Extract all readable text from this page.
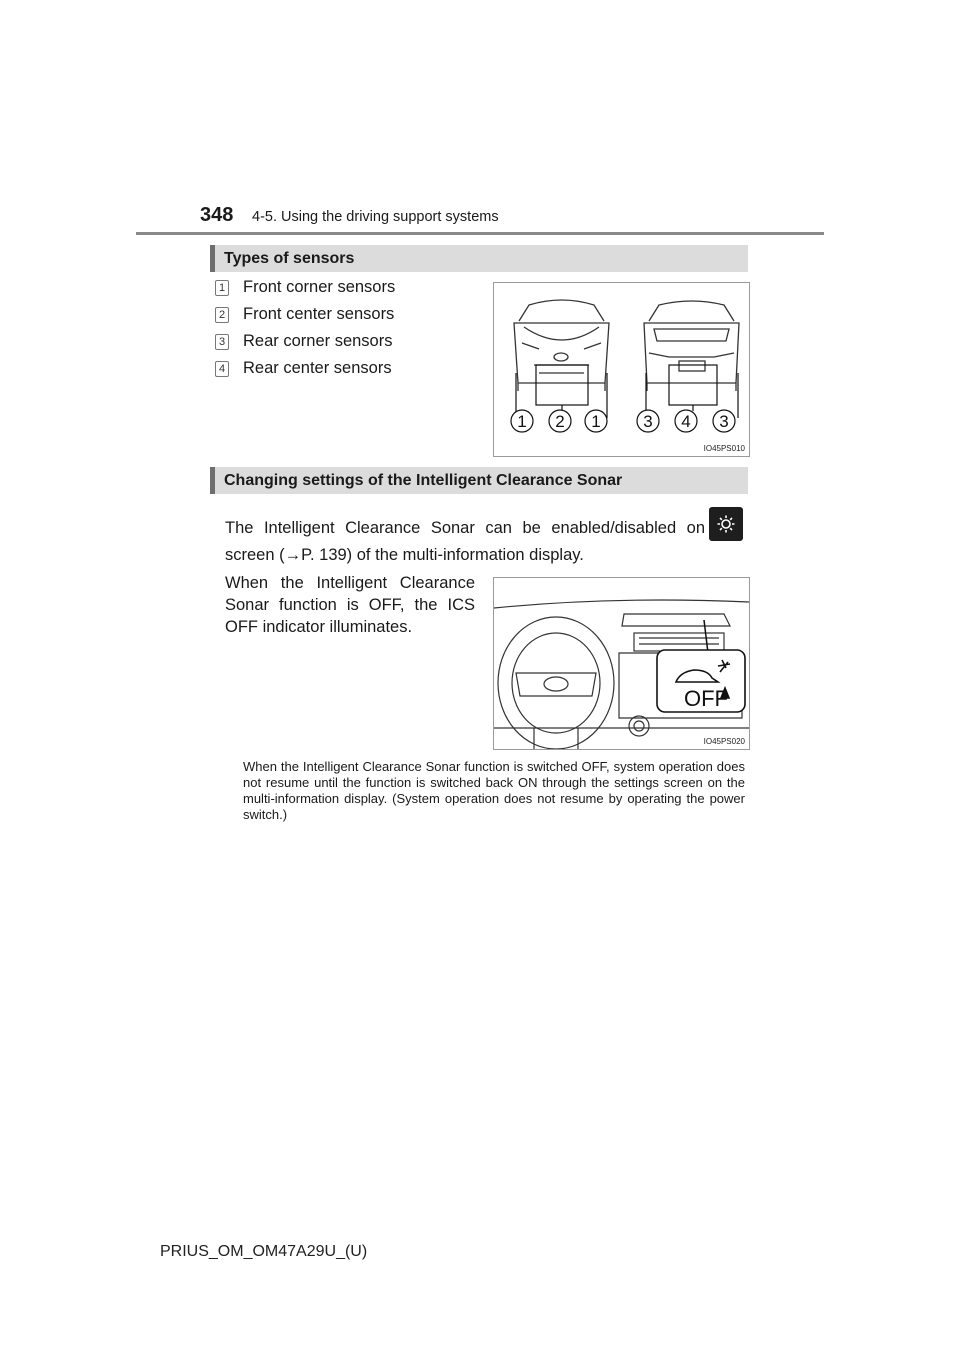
348 4-5. Using the driving support systems
Types of sensors
1 Front corner sensors
2 Front center sensors
3 Rear corner sensors
4 Rear center sensors
1 2 1	3 4 3
IO45PS010
Changing settings of the Intelligent Clearance Sonar
The Intelligent Clearance Sonar can be enabled/disabled on
screen (→P. 139) of the multi-information display.
When the Intelligent Clearance Sonar function is OFF, the ICS OFF indicator illuminates.
OFF
IO45PS020
When the Intelligent Clearance Sonar function is switched OFF, system operation does not resume until the function is switched back ON through the settings screen on the multi-information display. (System operation does not resume by operating the power switch.)
PRIUS_OM_OM47A29U_(U)
